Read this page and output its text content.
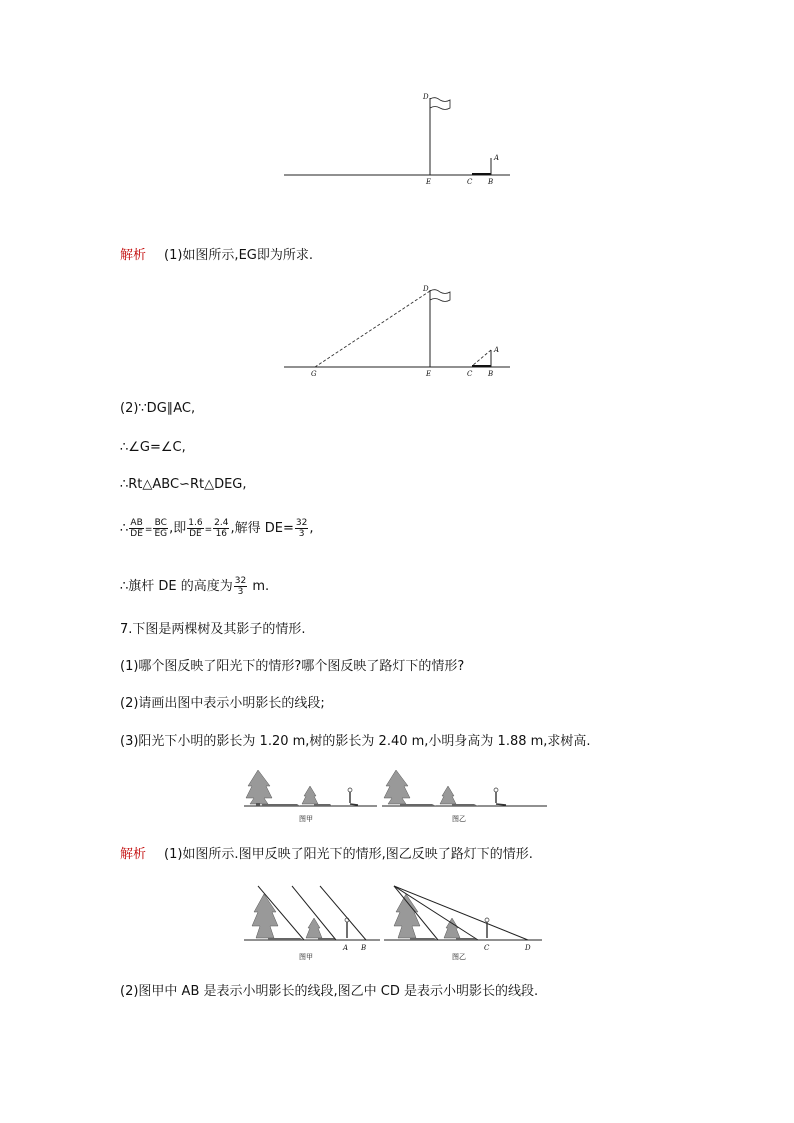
D
A
E	C B
解析 (1)如图所示,EG即为所求.
D
A
G	E	C B
(2)∵DG∥AC,
∴∠G=∠C,
∴Rt△ABC∽Rt△DEG,
∴ $\frac{AB}{DE} = \frac{BC}{EG}$ ,即 $\frac{1.6}{DE} = \frac{2.4}{16}$ ,解得 $DE= \frac{32}{3}$ ,
∴旗杆 DE 的高度为 $\frac{32}{3} m$.
7.下图是两棵树及其影子的情形.
(1)哪个图反映了阳光下的情形?哪个图反映了路灯下的情形?
(2)请画出图中表示小明影长的线段;
(3)阳光下小明的影长为 1.20 m,树的影长为 2.40 m,小明身高为 1.88 m,求树高.
图甲	图乙
解析 (1)如图所示.图甲反映了阳光下的情形,图乙反映了路灯下的情形.
A B
图甲
C	D
图乙
(2)图甲中 AB 是表示小明影长的线段,图乙中 CD 是表示小明影长的线段.
